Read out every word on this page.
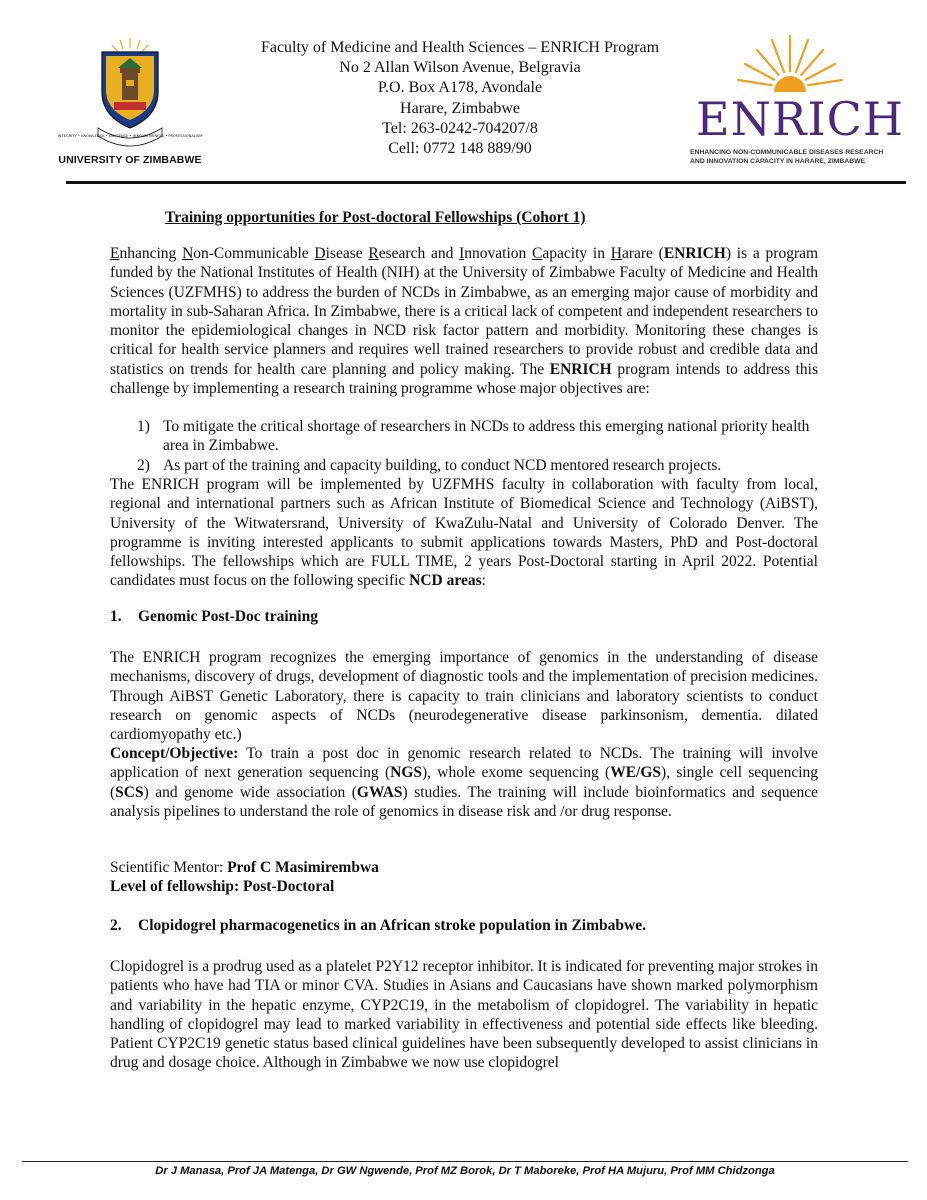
INTEGRITY • KNOWLEDGE • DILIGENCE • INNOVATIVENESS • PROFESSIONALISM
UNIVERSITY OF ZIMBABWE
Faculty of Medicine and Health Sciences – ENRICH Program
No 2 Allan Wilson Avenue, Belgravia
P.O. Box A178, Avondale
Harare, Zimbabwe
Tel: 263-0242-704207/8
Cell: 0772 148 889/90
ENRICH
ENHANCING NON-COMMUNICABLE DISEASES RESEARCH
AND INNOVATION CAPACITY IN HARARE, ZIMBABWE
Training opportunities for Post-doctoral Fellowships (Cohort 1)
Enhancing Non-Communicable Disease Research and Innovation Capacity in Harare (ENRICH) is a program funded by the National Institutes of Health (NIH) at the University of Zimbabwe Faculty of Medicine and Health Sciences (UZFMHS) to address the burden of NCDs in Zimbabwe, as an emerging major cause of morbidity and mortality in sub-Saharan Africa. In Zimbabwe, there is a critical lack of competent and independent researchers to monitor the epidemiological changes in NCD risk factor pattern and morbidity. Monitoring these changes is critical for health service planners and requires well trained researchers to provide robust and credible data and statistics on trends for health care planning and policy making. The ENRICH program intends to address this challenge by implementing a research training programme whose major objectives are:
1) To mitigate the critical shortage of researchers in NCDs to address this emerging national priority health area in Zimbabwe.
2) As part of the training and capacity building, to conduct NCD mentored research projects.
The ENRICH program will be implemented by UZFMHS faculty in collaboration with faculty from local, regional and international partners such as African Institute of Biomedical Science and Technology (AiBST), University of the Witwatersrand, University of KwaZulu-Natal and University of Colorado Denver. The programme is inviting interested applicants to submit applications towards Masters, PhD and Post-doctoral fellowships. The fellowships which are FULL TIME, 2 years Post-Doctoral starting in April 2022. Potential candidates must focus on the following specific NCD areas:
1. Genomic Post-Doc training
The ENRICH program recognizes the emerging importance of genomics in the understanding of disease mechanisms, discovery of drugs, development of diagnostic tools and the implementation of precision medicines. Through AiBST Genetic Laboratory, there is capacity to train clinicians and laboratory scientists to conduct research on genomic aspects of NCDs (neurodegenerative disease parkinsonism, dementia. dilated cardiomyopathy etc.)
Concept/Objective: To train a post doc in genomic research related to NCDs. The training will involve application of next generation sequencing (NGS), whole exome sequencing (WE/GS), single cell sequencing (SCS) and genome wide association (GWAS) studies. The training will include bioinformatics and sequence analysis pipelines to understand the role of genomics in disease risk and /or drug response.
Scientific Mentor: Prof C Masimirembwa
Level of fellowship: Post-Doctoral
2. Clopidogrel pharmacogenetics in an African stroke population in Zimbabwe.
Clopidogrel is a prodrug used as a platelet P2Y12 receptor inhibitor. It is indicated for preventing major strokes in patients who have had TIA or minor CVA. Studies in Asians and Caucasians have shown marked polymorphism and variability in the hepatic enzyme, CYP2C19, in the metabolism of clopidogrel. The variability in hepatic handling of clopidogrel may lead to marked variability in effectiveness and potential side effects like bleeding. Patient CYP2C19 genetic status based clinical guidelines have been subsequently developed to assist clinicians in drug and dosage choice. Although in Zimbabwe we now use clopidogrel
Dr J Manasa, Prof JA Matenga, Dr GW Ngwende, Prof MZ Borok, Dr T Maboreke, Prof HA Mujuru, Prof MM Chidzonga
